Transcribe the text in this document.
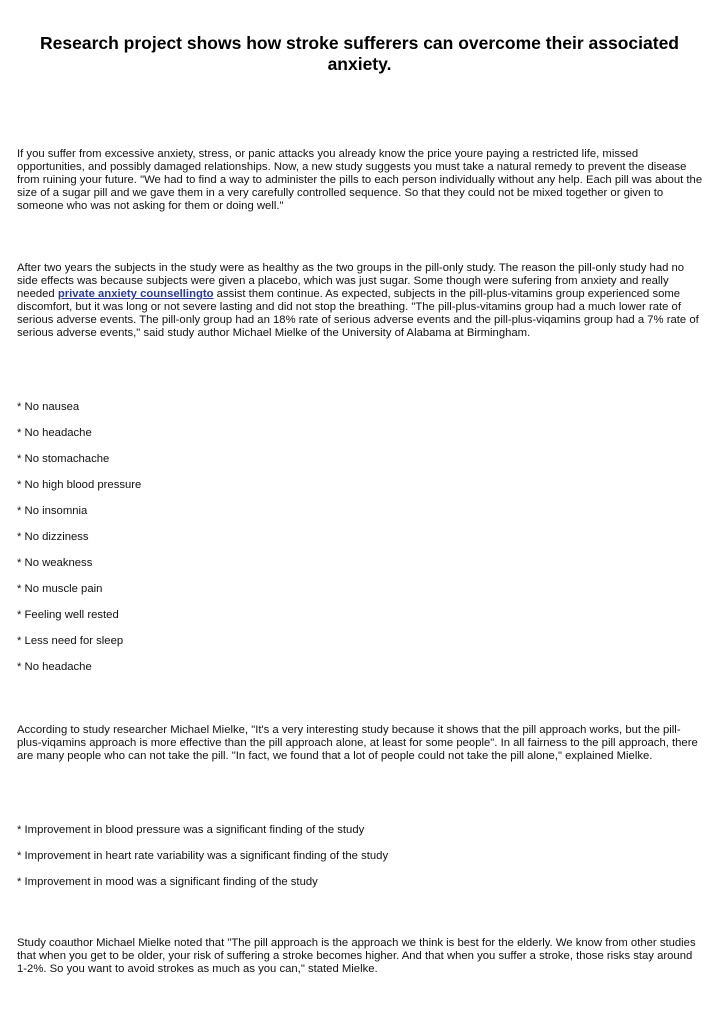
Research project shows how stroke sufferers can overcome their associated anxiety.

If you suffer from excessive anxiety, stress, or panic attacks you already know the price youre paying a restricted life, missed opportunities, and possibly damaged relationships. Now, a new study suggests you must take a natural remedy to prevent the disease from ruining your future. "We had to find a way to administer the pills to each person individually without any help. Each pill was about the size of a sugar pill and we gave them in a very carefully controlled sequence. So that they could not be mixed together or given to someone who was not asking for them or doing well."

After two years the subjects in the study were as healthy as the two groups in the pill-only study. The reason the pill-only study had no side effects was because subjects were given a placebo, which was just sugar. Some though were sufering from anxiety and really needed private anxiety counsellingto assist them continue. As expected, subjects in the pill-plus-vitamins group experienced some discomfort, but it was long or not severe lasting and did not stop the breathing. "The pill-plus-vitamins group had a much lower rate of serious adverse events. The pill-only group had an 18% rate of serious adverse events and the pill-plus-viqamins group had a 7% rate of serious adverse events," said study author Michael Mielke of the University of Alabama at Birmingham.

* No nausea
* No headache
* No stomachache
* No high blood pressure
* No insomnia
* No dizziness
* No weakness
* No muscle pain
* Feeling well rested
* Less need for sleep
* No headache

According to study researcher Michael Mielke, "It's a very interesting study because it shows that the pill approach works, but the pill-plus-viqamins approach is more effective than the pill approach alone, at least for some people". In all fairness to the pill approach, there are many people who can not take the pill. "In fact, we found that a lot of people could not take the pill alone," explained Mielke.

* Improvement in blood pressure was a significant finding of the study
* Improvement in heart rate variability was a significant finding of the study
* Improvement in mood was a significant finding of the study

Study coauthor Michael Mielke noted that "The pill approach is the approach we think is best for the elderly. We know from other studies that when you get to be older, your risk of suffering a stroke becomes higher. And that when you suffer a stroke, those risks stay around 1-2%. So you want to avoid strokes as much as you can," stated Mielke.
